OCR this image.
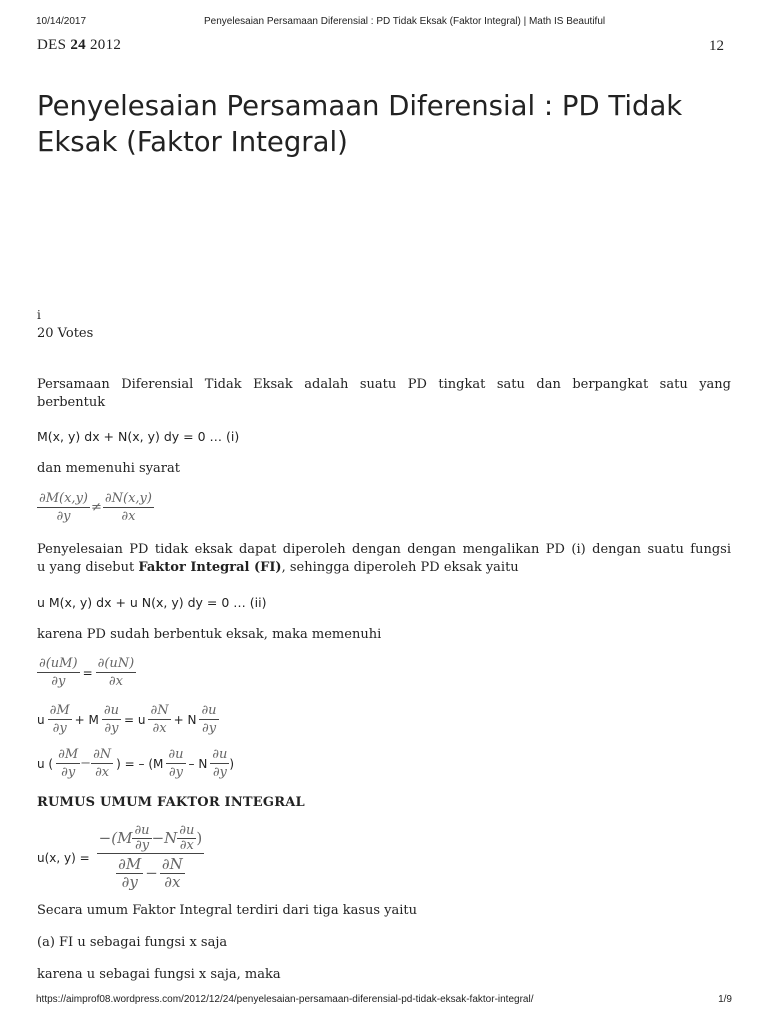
10/14/2017	Penyelesaian Persamaan Diferensial : PD Tidak Eksak (Faktor Integral) | Math IS Beautiful
DES 24 2012	12
Penyelesaian Persamaan Diferensial : PD Tidak Eksak (Faktor Integral)
i
20 Votes

Persamaan Diferensial Tidak Eksak adalah suatu PD tingkat satu dan berpangkat satu yang

berbentuk

M(x, y) dx + N(x, y) dy = 0 … (i)

dan memenuhi syarat

$\frac{\partial M(x,y)}{\partial y} \ne \frac{\partial N(x,y)}{\partial x}$

Penyelesaian PD tidak eksak dapat diperoleh dengan dengan mengalikan PD (i) dengan suatu fungsi

u yang disebut Faktor Integral (FI), sehingga diperoleh PD eksak yaitu

u M(x, y) dx + u N(x, y) dy = 0 … (ii)

karena PD sudah berbentuk eksak, maka memenuhi

$\frac{\partial(uM)}{\partial y} = \frac{\partial(uN)}{\partial x}$
u $\frac{\partial M}{\partial y} + M \frac{\partial u}{\partial y} = u \frac{\partial N}{\partial x} + N \frac{\partial u}{\partial y}$
u ( $\frac{\partial M}{\partial y} - \frac{\partial N}{\partial x}$ ) = – ($M \frac{\partial u}{\partial y}$ – N $\frac{\partial u}{\partial y}$ )

RUMUS UMUM FAKTOR INTEGRAL

u(x, $y) = \frac{-(M \frac{\partial u}{\partial y} -N \frac{\partial u}{\partial x} )}{\frac{\partial M}{\partial y} - \frac{\partial N}{\partial x}}$

Secara umum Faktor Integral terdiri dari tiga kasus yaitu

(a) FI u sebagai fungsi x saja

karena u sebagai fungsi x saja, maka

https://aimprof08.wordpress.com/2012/12/24/penyelesaian-persamaan-diferensial-pd-tidak-eksak-faktor-integral/	1/9
